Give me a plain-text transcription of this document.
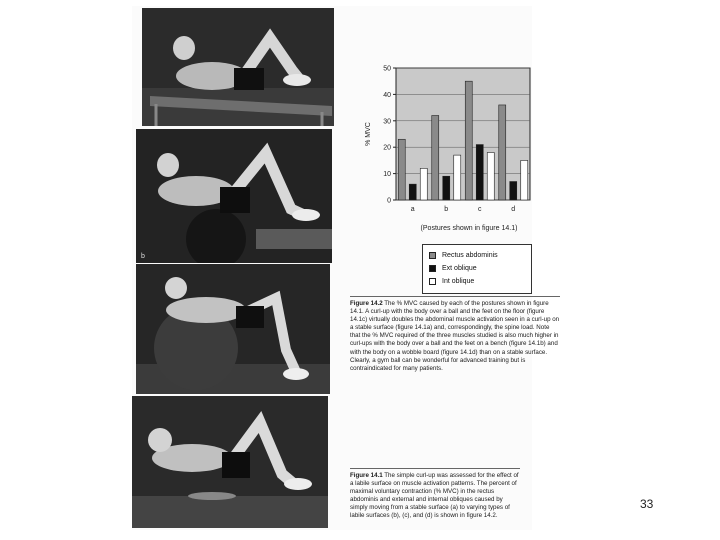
b
0
10
20
30
40
50
% MVC
a	b	c	d
(Postures shown in figure 14.1)
Rectus abdominis
Ext oblique
Int oblique
Figure 14.2 The % MVC caused by each of the postures shown in figure 14.1. A curl-up with the body over a ball and the feet on the floor (figure 14.1c) virtually doubles the abdominal muscle activation seen in a curl-up on a stable surface (figure 14.1a) and, correspondingly, the spine load. Note that the % MVC required of the three muscles studied is also much higher in curl-ups with the body over a ball and the feet on a bench (figure 14.1b) and with the body on a wobble board (figure 14.1d) than on a stable surface. Clearly, a gym ball can be wonderful for advanced training but is contraindicated for many patients.
Figure 14.1 The simple curl-up was assessed for the effect of a labile surface on muscle activation patterns. The percent of maximal voluntary contraction (% MVC) in the rectus abdominis and external and internal obliques caused by simply moving from a stable surface (a) to varying types of labile surfaces (b), (c), and (d) is shown in figure 14.2.
33
